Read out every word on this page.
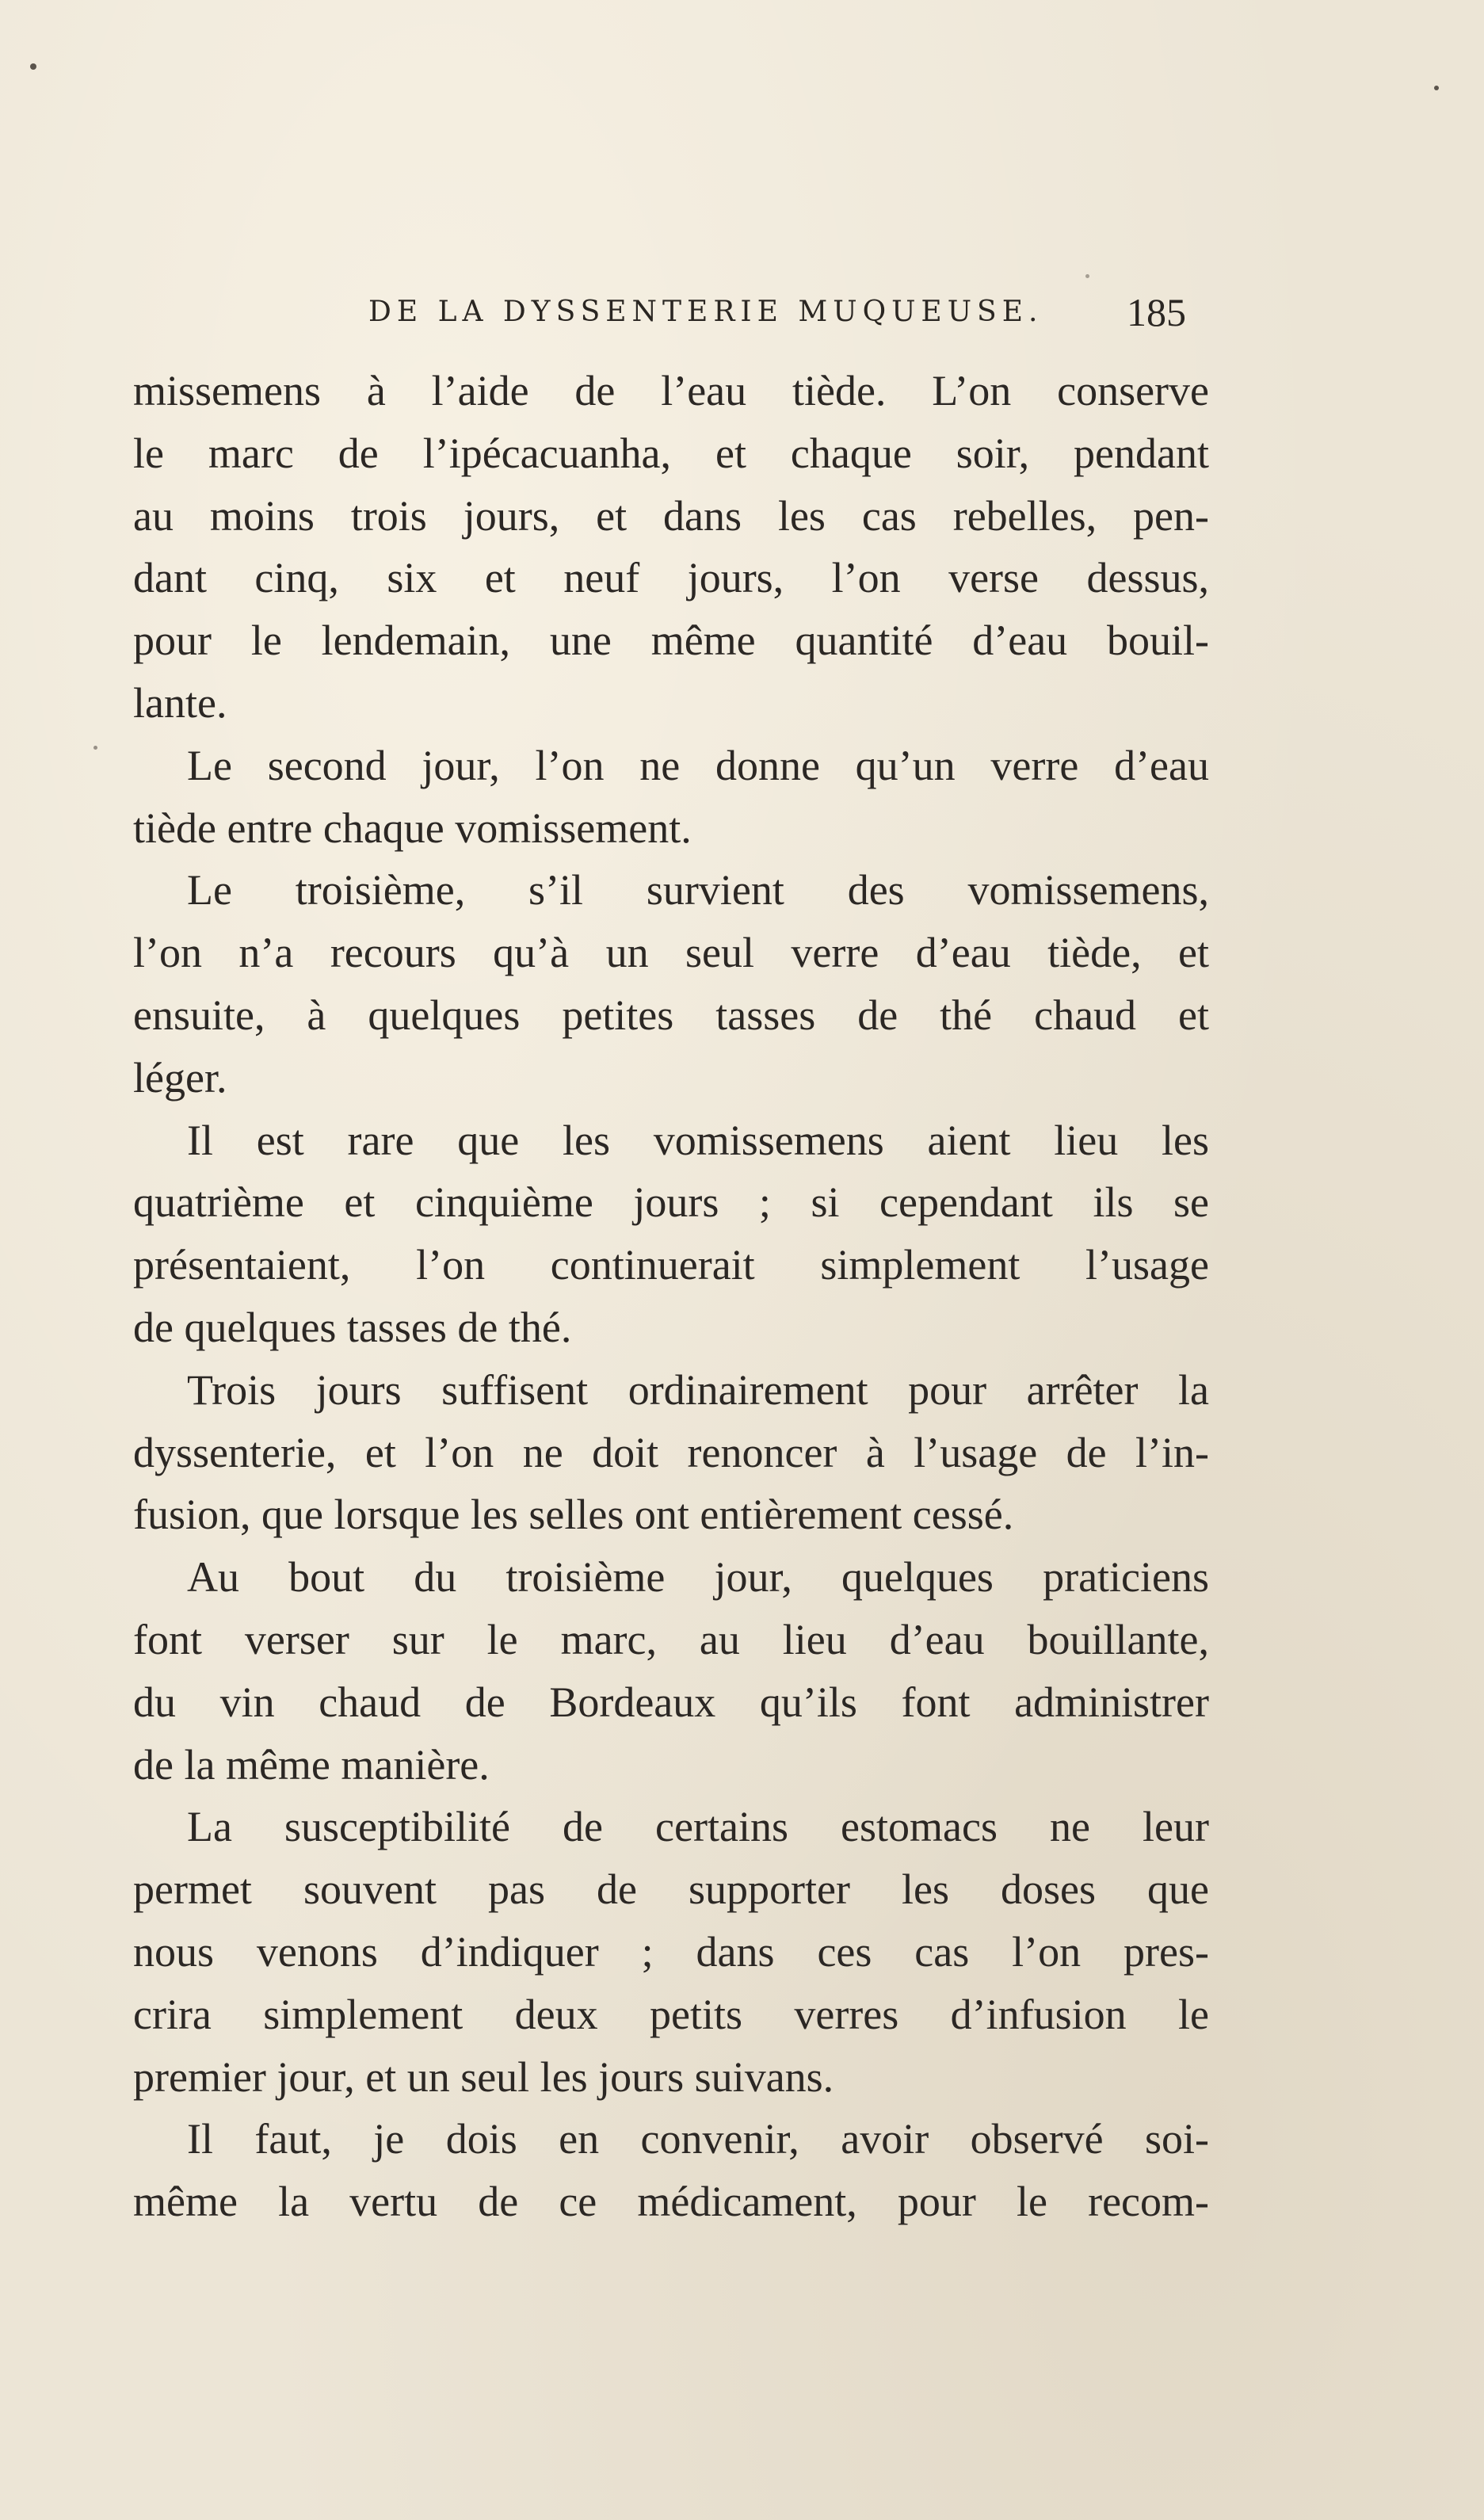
DE LA DYSSENTERIE MUQUEUSE. 185
missemens à l’aide de l’eau tiède. L’on conserve
le marc de l’ipécacuanha, et chaque soir, pendant
au moins trois jours, et dans les cas rebelles, pen-
dant cinq, six et neuf jours, l’on verse dessus,
pour le lendemain, une même quantité d’eau bouil-
lante.
Le second jour, l’on ne donne qu’un verre d’eau
tiède entre chaque vomissement.
Le troisième, s’il survient des vomissemens,
l’on n’a recours qu’à un seul verre d’eau tiède, et
ensuite, à quelques petites tasses de thé chaud et
léger.
Il est rare que les vomissemens aient lieu les
quatrième et cinquième jours ; si cependant ils se
présentaient, l’on continuerait simplement l’usage
de quelques tasses de thé.
Trois jours suffisent ordinairement pour arrêter la
dyssenterie, et l’on ne doit renoncer à l’usage de l’in-
fusion, que lorsque les selles ont entièrement cessé.
Au bout du troisième jour, quelques praticiens
font verser sur le marc, au lieu d’eau bouillante,
du vin chaud de Bordeaux qu’ils font administrer
de la même manière.
La susceptibilité de certains estomacs ne leur
permet souvent pas de supporter les doses que
nous venons d’indiquer ; dans ces cas l’on pres-
crira simplement deux petits verres d’infusion le
premier jour, et un seul les jours suivans.
Il faut, je dois en convenir, avoir observé soi-
même la vertu de ce médicament, pour le recom-
